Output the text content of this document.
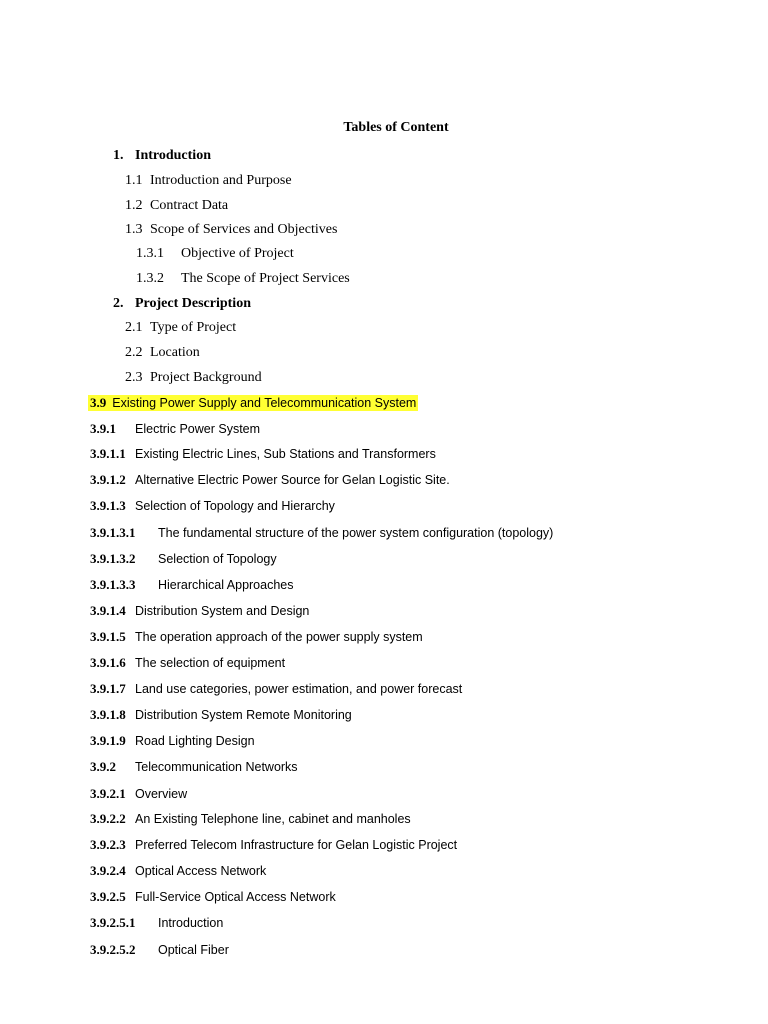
Tables of Content
1. Introduction
1.1 Introduction and Purpose
1.2 Contract Data
1.3 Scope of Services and Objectives
1.3.1 Objective of Project
1.3.2 The Scope of Project Services
2. Project Description
2.1 Type of Project
2.2 Location
2.3 Project Background
3.9 Existing Power Supply and Telecommunication System
3.9.1 Electric Power System
3.9.1.1 Existing Electric Lines, Sub Stations and Transformers
3.9.1.2 Alternative Electric Power Source for Gelan Logistic Site.
3.9.1.3 Selection of Topology and Hierarchy
3.9.1.3.1 The fundamental structure of the power system configuration (topology)
3.9.1.3.2 Selection of Topology
3.9.1.3.3 Hierarchical Approaches
3.9.1.4 Distribution System and Design
3.9.1.5 The operation approach of the power supply system
3.9.1.6 The selection of equipment
3.9.1.7 Land use categories, power estimation, and power forecast
3.9.1.8 Distribution System Remote Monitoring
3.9.1.9 Road Lighting Design
3.9.2 Telecommunication Networks
3.9.2.1 Overview
3.9.2.2 An Existing Telephone line, cabinet and manholes
3.9.2.3 Preferred Telecom Infrastructure for Gelan Logistic Project
3.9.2.4 Optical Access Network
3.9.2.5 Full-Service Optical Access Network
3.9.2.5.1 Introduction
3.9.2.5.2 Optical Fiber
